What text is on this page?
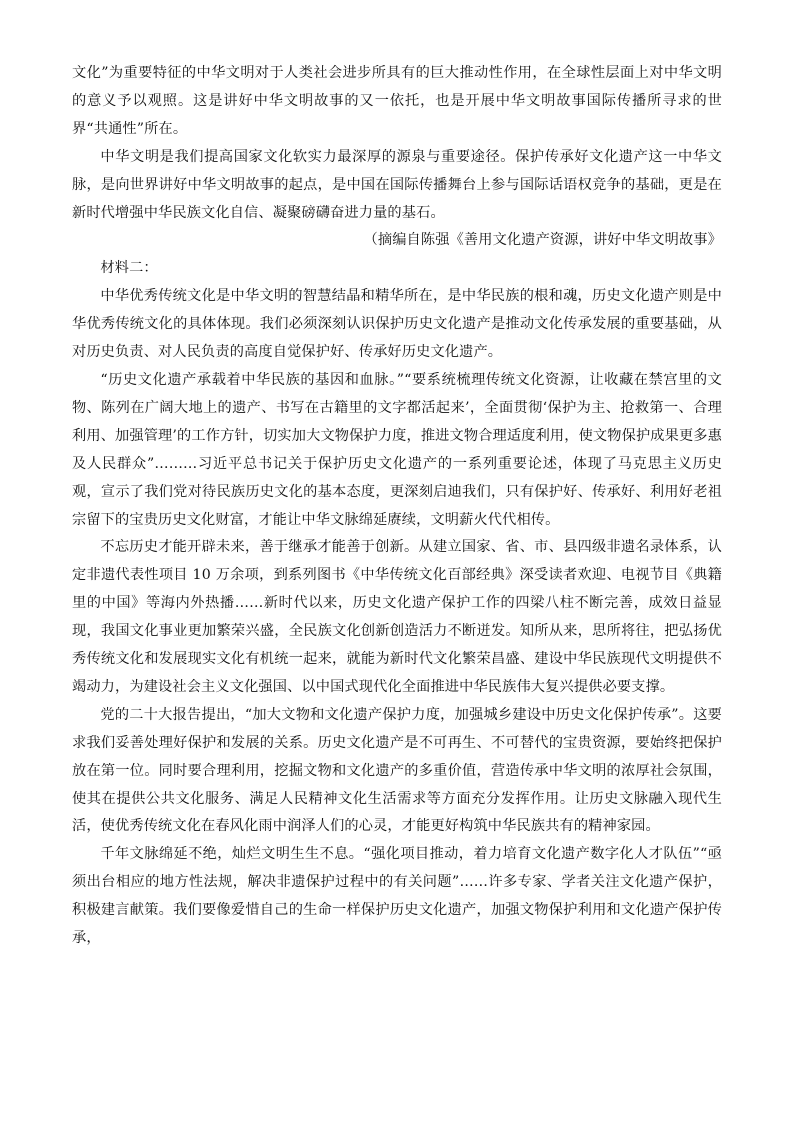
文化”为重要特征的中华文明对于人类社会进步所具有的巨大推动性作用，在全球性层面上对中华文明的意义予以观照。这是讲好中华文明故事的又一依托，也是开展中华文明故事国际传播所寻求的世界“共通性”所在。

中华文明是我们提高国家文化软实力最深厚的源泉与重要途径。保护传承好文化遗产这一中华文脉，是向世界讲好中华文明故事的起点，是中国在国际传播舞台上参与国际话语权竞争的基础，更是在新时代增强中华民族文化自信、凝聚磅礴奋进力量的基石。

（摘编自陈强《善用文化遗产资源，讲好中华文明故事》

材料二：

中华优秀传统文化是中华文明的智慧结晶和精华所在，是中华民族的根和魂，历史文化遗产则是中华优秀传统文化的具体体现。我们必须深刻认识保护历史文化遗产是推动文化传承发展的重要基础，从对历史负责、对人民负责的高度自觉保护好、传承好历史文化遗产。

“历史文化遗产承载着中华民族的基因和血脉。”“要系统梳理传统文化资源，让收藏在禁宫里的文物、陈列在广阔大地上的遗产、书写在古籍里的文字都活起来’，全面贯彻‘保护为主、抢救第一、合理利用、加强管理’的工作方针，切实加大文物保护力度，推进文物合理适度利用，使文物保护成果更多惠及人民群众”………习近平总书记关于保护历史文化遗产的一系列重要论述，体现了马克思主义历史观，宣示了我们党对待民族历史文化的基本态度，更深刻启迪我们，只有保护好、传承好、利用好老祖宗留下的宝贵历史文化财富，才能让中华文脉绵延赓续，文明薪火代代相传。

不忘历史才能开辟未来，善于继承才能善于创新。从建立国家、省、市、县四级非遗名录体系，认定非遗代表性项目 10 万余项，到系列图书《中华传统文化百部经典》深受读者欢迎、电视节目《典籍里的中国》等海内外热播……新时代以来，历史文化遗产保护工作的四梁八柱不断完善，成效日益显现，我国文化事业更加繁荣兴盛，全民族文化创新创造活力不断迸发。知所从来，思所将往，把弘扬优秀传统文化和发展现实文化有机统一起来，就能为新时代文化繁荣昌盛、建设中华民族现代文明提供不竭动力，为建设社会主义文化强国、以中国式现代化全面推进中华民族伟大复兴提供必要支撑。

党的二十大报告提出，“加大文物和文化遗产保护力度，加强城乡建设中历史文化保护传承”。这要求我们妥善处理好保护和发展的关系。历史文化遗产是不可再生、不可替代的宝贵资源，要始终把保护放在第一位。同时要合理利用，挖掘文物和文化遗产的多重价值，营造传承中华文明的浓厚社会氛围，使其在提供公共文化服务、满足人民精神文化生活需求等方面充分发挥作用。让历史文脉融入现代生活，使优秀传统文化在春风化雨中润泽人们的心灵，才能更好构筑中华民族共有的精神家园。

千年文脉绵延不绝，灿烂文明生生不息。“强化项目推动，着力培育文化遗产数字化人才队伍”“亟须出台相应的地方性法规，解决非遗保护过程中的有关问题”……许多专家、学者关注文化遗产保护，积极建言献策。我们要像爱惜自己的生命一样保护历史文化遗产，加强文物保护利用和文化遗产保护传承，
